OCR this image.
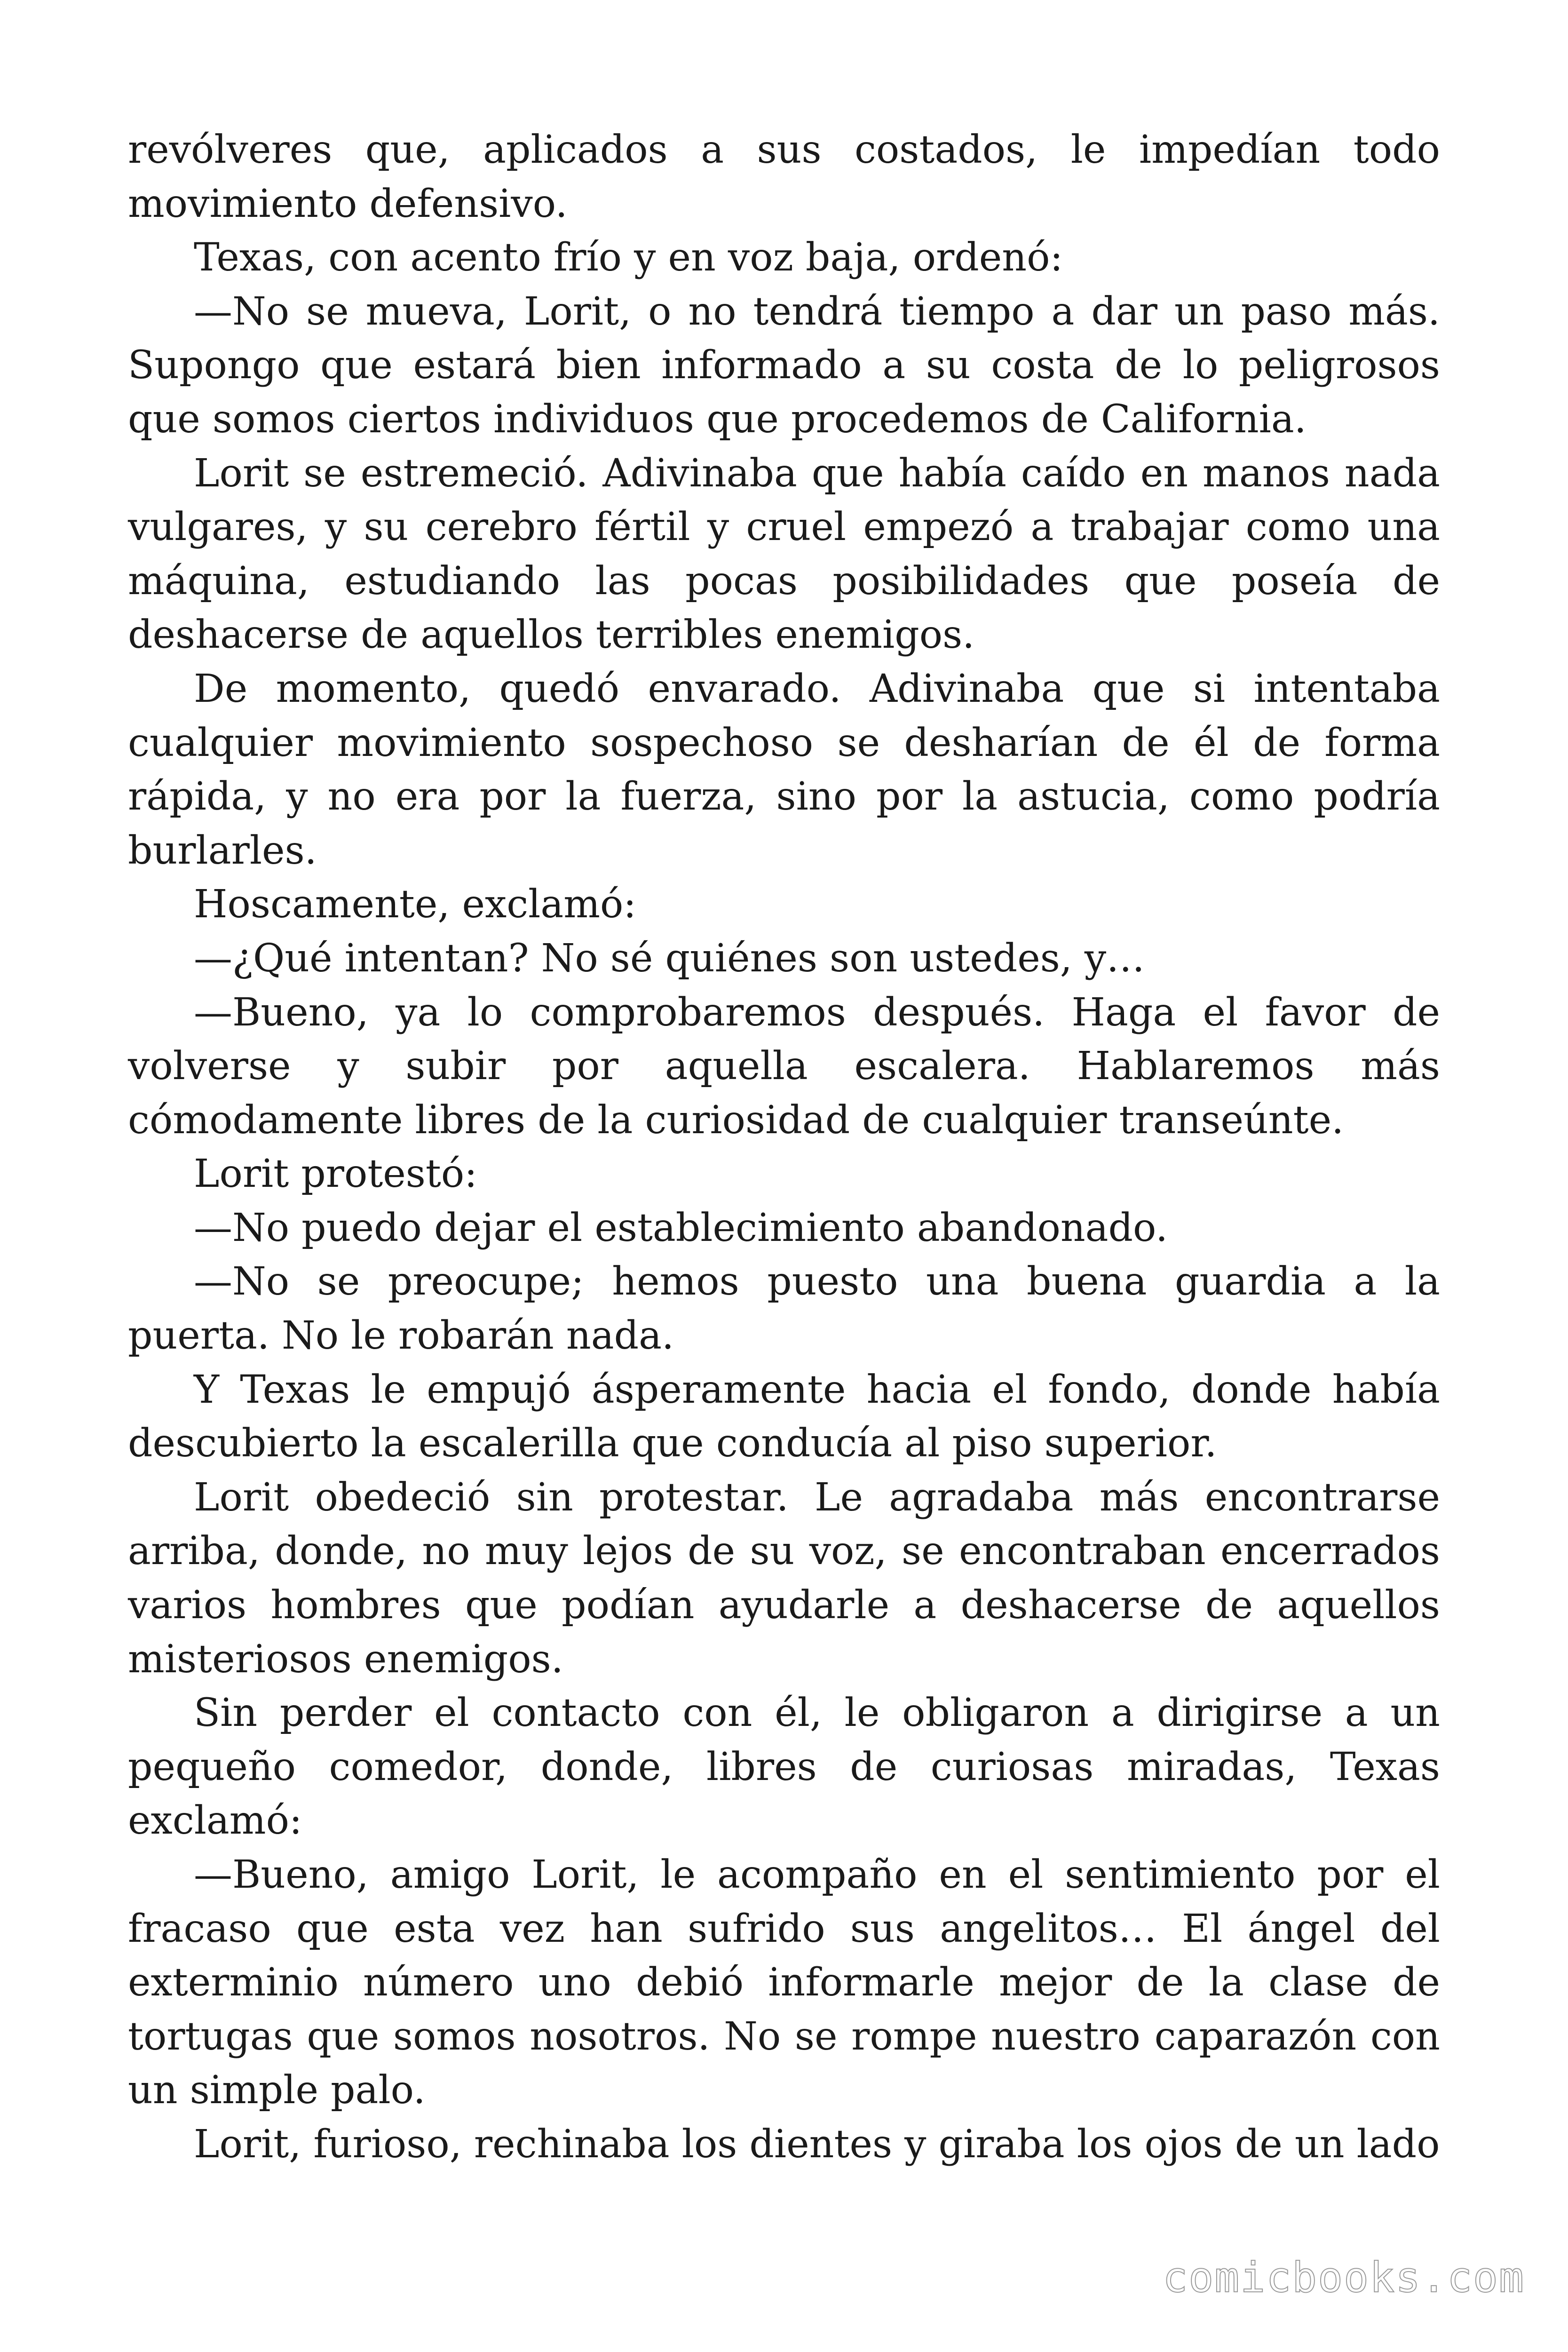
revólveres que, aplicados a sus costados, le impedían todo movimiento defensivo.

Texas, con acento frío y en voz baja, ordenó:

—No se mueva, Lorit, o no tendrá tiempo a dar un paso más. Supongo que estará bien informado a su costa de lo peligrosos que somos ciertos individuos que procedemos de California.

Lorit se estremeció. Adivinaba que había caído en manos nada vulgares, y su cerebro fértil y cruel empezó a trabajar como una máquina, estudiando las pocas posibilidades que poseía de deshacerse de aquellos terribles enemigos.

De momento, quedó envarado. Adivinaba que si intentaba cualquier movimiento sospechoso se desharían de él de forma rápida, y no era por la fuerza, sino por la astucia, como podría burlarles.

Hoscamente, exclamó:

—¿Qué intentan? No sé quiénes son ustedes, y…

—Bueno, ya lo comprobaremos después. Haga el favor de volverse y subir por aquella escalera. Hablaremos más cómodamente libres de la curiosidad de cualquier transeúnte.

Lorit protestó:

—No puedo dejar el establecimiento abandonado.

—No se preocupe; hemos puesto una buena guardia a la puerta. No le robarán nada.

Y Texas le empujó ásperamente hacia el fondo, donde había descubierto la escalerilla que conducía al piso superior.

Lorit obedeció sin protestar. Le agradaba más encontrarse arriba, donde, no muy lejos de su voz, se encontraban encerrados varios hombres que podían ayudarle a deshacerse de aquellos misteriosos enemigos.

Sin perder el contacto con él, le obligaron a dirigirse a un pequeño comedor, donde, libres de curiosas miradas, Texas exclamó:

—Bueno, amigo Lorit, le acompaño en el sentimiento por el fracaso que esta vez han sufrido sus angelitos… El ángel del exterminio número uno debió informarle mejor de la clase de tortugas que somos nosotros. No se rompe nuestro caparazón con un simple palo.

Lorit, furioso, rechinaba los dientes y giraba los ojos de un lado

comicbooks.com
